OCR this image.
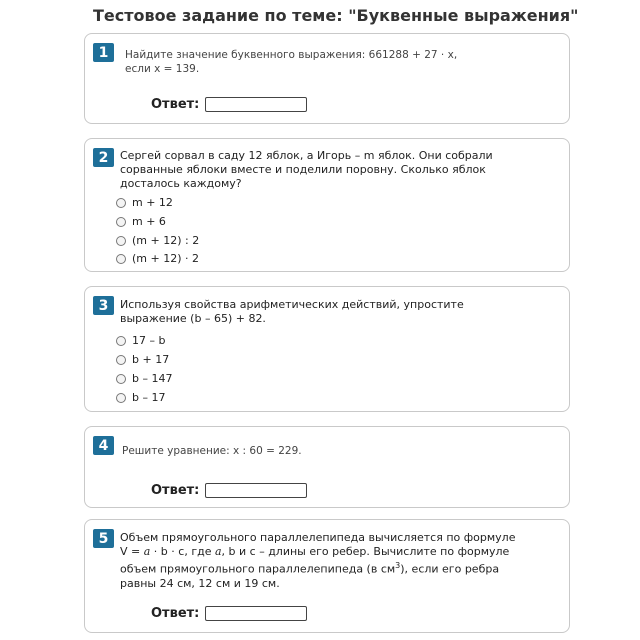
Тестовое задание по теме: "Буквенные выражения"
1	Найдите значение буквенного выражения: 661288 + 27 · x,
если x = 139.
Ответ:
2	Сергей сорвал в саду 12 яблок, а Игорь – m яблок. Они собрали сорванные яблоки вместе и поделили поровну. Сколько яблок досталось каждому?
m + 12
m + 6
(m + 12) : 2
(m + 12) · 2
3	Используя свойства арифметических действий, упростите выражение (b – 65) + 82.
17 – b
b + 17
b – 147
b – 17
4	Решите уравнение: x : 60 = 229.
Ответ:
5	Объем прямоугольного параллелепипеда вычисляется по формуле
V = a · b · c, где a, b и c – длины его ребер. Вычислите по формуле
объем прямоугольного параллелепипеда (в $см^3$), если его ребра
равны 24 см, 12 см и 19 см.
Ответ:
